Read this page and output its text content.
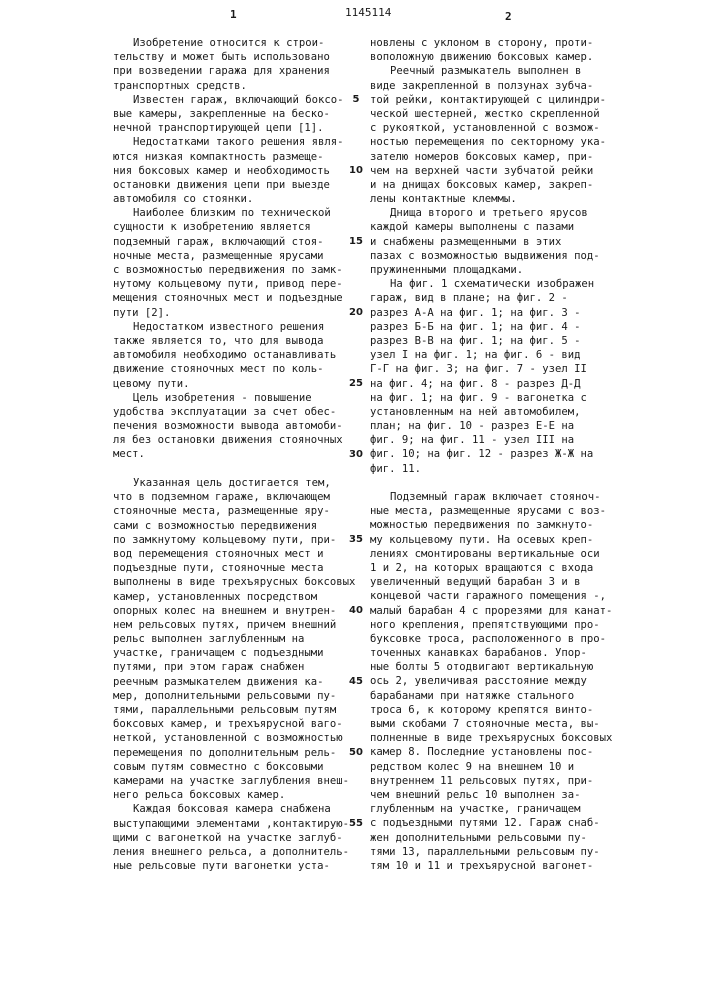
1	1145114	2
Изобретение относится к строи-
тельству и может быть использовано
при возведении гаража для хранения
транспортных средств.
Известен гараж, включающий боксо-
вые камеры, закрепленные на беско-
нечной транспортирующей цепи [1].
Недостатками такого решения явля-
ются низкая компактность размеще-
ния боксовых камер и необходимость
остановки движения цепи при выезде
автомобиля со стоянки.
Наиболее близким по технической
сущности к изобретению является
подземный гараж, включающий стоя-
ночные места, размещенные ярусами
с возможностью передвижения по замк-
нутому кольцевому пути, привод пере-
мещения стояночных мест и подъездные
пути [2].
Недостатком известного решения
также является то, что для вывода
автомобиля необходимо останавливать
движение стояночных мест по коль-
цевому пути.
Цель изобретения - повышение
удобства эксплуатации за счет обес-
печения возможности вывода автомоби-
ля без остановки движения стояночных
мест.
Указанная цель достигается тем,
что в подземном гараже, включающем
стояночные места, размещенные яру-
сами с возможностью передвижения
по замкнутому кольцевому пути, при-
вод перемещения стояночных мест и
подъездные пути, стояночные места
выполнены в виде трехъярусных боксовых
камер, установленных посредством
опорных колес на внешнем и внутрен-
нем рельсовых путях, причем внешний
рельс выполнен заглубленным на
участке, граничащем с подъездными
путями, при этом гараж снабжен
реечным размыкателем движения ка-
мер, дополнительными рельсовыми пу-
тями, параллельными рельсовым путям
боксовых камер, и трехъярусной ваго-
неткой, установленной с возможностью
перемещения по дополнительным рель-
совым путям совместно с боксовыми
камерами на участке заглубления внеш-
него рельса боксовых камер.
Каждая боксовая камера снабжена
выступающими элементами ,контактирую-
щими с вагонеткой на участке заглуб-
ления внешнего рельса, а дополнитель-
ные рельсовые пути вагонетки уста-
новлены с уклоном в сторону, проти-
воположную движению боксовых камер.
Реечный размыкатель выполнен в
виде закрепленной в ползунах зубча-
той рейки, контактирующей с цилиндри-
ческой шестерней, жестко скрепленной
с рукояткой, установленной с возмож-
ностью перемещения по секторному ука-
зателю номеров боксовых камер, при-
чем на верхней части зубчатой рейки
и на днищах боксовых камер, закреп-
лены контактные клеммы.
Днища второго и третьего ярусов
каждой камеры выполнены с пазами
и снабжены размещенными в этих
пазах с возможностью выдвижения под-
пружиненными площадками.
На фиг. 1 схематически изображен
гараж, вид в плане; на фиг. 2 -
разрез А-А на фиг. 1; на фиг. 3 -
разрез Б-Б на фиг. 1; на фиг. 4 -
разрез В-В на фиг. 1; на фиг. 5 -
узел I на фиг. 1; на фиг. 6 - вид
Г-Г на фиг. 3; на фиг. 7 - узел II
на фиг. 4; на фиг. 8 - разрез Д-Д
на фиг. 1; на фиг. 9 - вагонетка с
установленным на ней автомобилем,
план; на фиг. 10 - разрез Е-Е на
фиг. 9; на фиг. 11 - узел III на
фиг. 10; на фиг. 12 - разрез Ж-Ж на
фиг. 11.
Подземный гараж включает стояноч-
ные места, размещенные ярусами с воз-
можностью передвижения по замкнуто-
му кольцевому пути. На осевых креп-
лениях смонтированы вертикальные оси
1 и 2, на которых вращаются с входа
увеличенный ведущий барабан 3 и в
концевой части гаражного помещения -,
малый барабан 4 с прорезями для канат-
ного крепления, препятствующими про-
буксовке троса, расположенного в про-
точенных канавках барабанов. Упор-
ные болты 5 отодвигают вертикальную
ось 2, увеличивая расстояние между
барабанами при натяжке стального
троса 6, к которому крепятся винто-
выми скобами 7 стояночные места, вы-
полненные в виде трехъярусных боксовых
камер 8. Последние установлены пос-
редством колес 9 на внешнем 10 и
внутреннем 11 рельсовых путях, при-
чем внешний рельс 10 выполнен за-
глубленным на участке, граничащем
с подъездными путями 12. Гараж снаб-
жен дополнительными рельсовыми пу-
тями 13, параллельными рельсовым пу-
тям 10 и 11 и трехъярусной вагонет-
5
10
15
20
25
30
35
40
45
50
55
